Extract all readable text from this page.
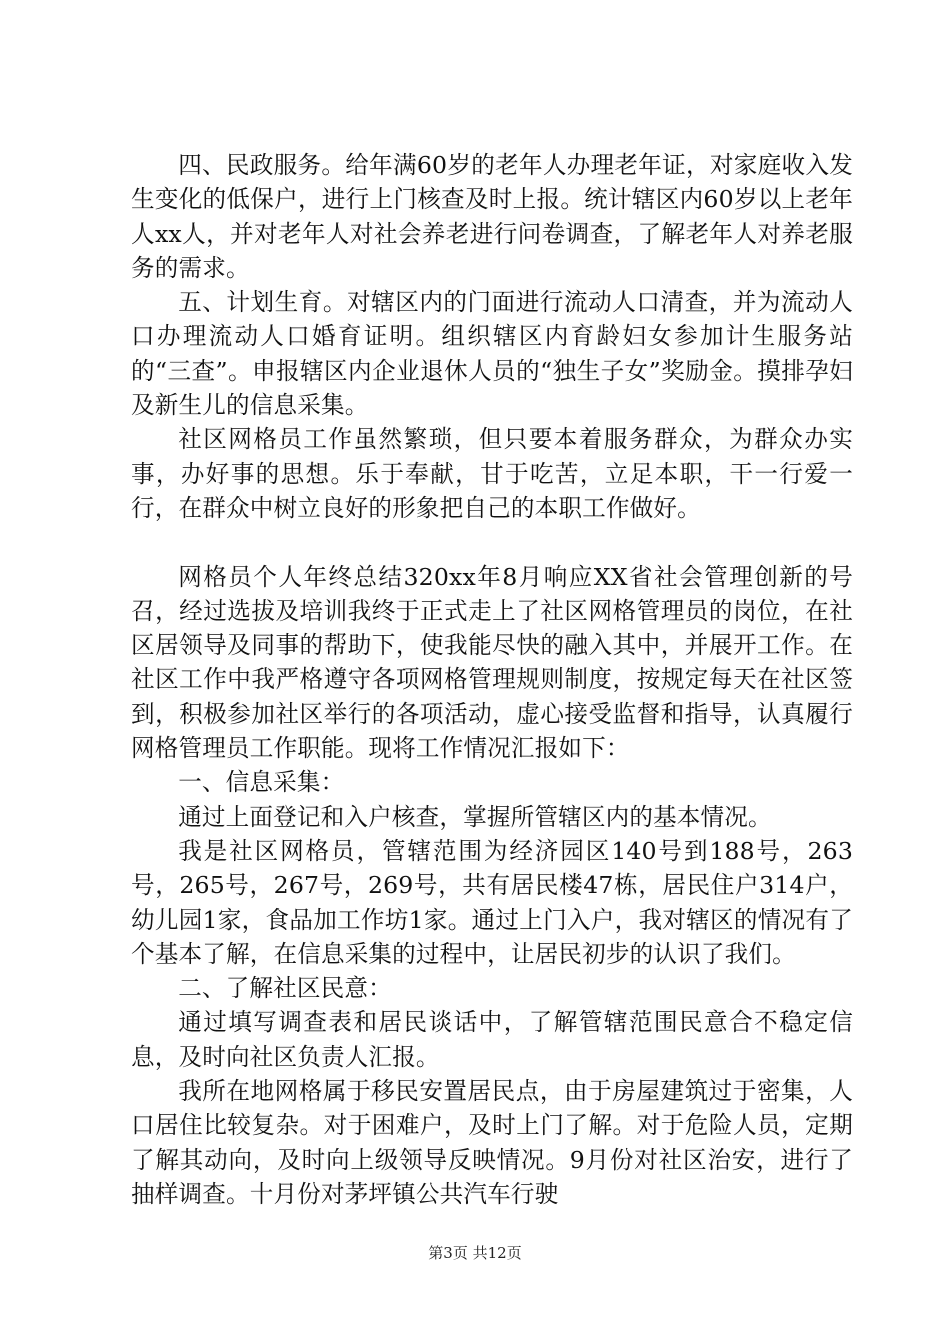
四、民政服务。给年满60岁的老年人办理老年证，对家庭收入发生变化的低保户，进行上门核查及时上报。统计辖区内60岁以上老年人xx人，并对老年人对社会养老进行问卷调查，了解老年人对养老服务的需求。

五、计划生育。对辖区内的门面进行流动人口清查，并为流动人口办理流动人口婚育证明。组织辖区内育龄妇女参加计生服务站的“三查”。申报辖区内企业退休人员的“独生子女”奖励金。摸排孕妇及新生儿的信息采集。

社区网格员工作虽然繁琐，但只要本着服务群众，为群众办实事，办好事的思想。乐于奉献，甘于吃苦，立足本职，干一行爱一行，在群众中树立良好的形象把自己的本职工作做好。

网格员个人年终总结320xx年8月响应XX省社会管理创新的号召，经过选拔及培训我终于正式走上了社区网格管理员的岗位，在社区居领导及同事的帮助下，使我能尽快的融入其中，并展开工作。在社区工作中我严格遵守各项网格管理规则制度，按规定每天在社区签到，积极参加社区举行的各项活动，虚心接受监督和指导，认真履行网格管理员工作职能。现将工作情况汇报如下：

一、信息采集：

通过上面登记和入户核查，掌握所管辖区内的基本情况。

我是社区网格员，管辖范围为经济园区140号到188号，263号，265号，267号，269号，共有居民楼47栋，居民住户314户，幼儿园1家，食品加工作坊1家。通过上门入户，我对辖区的情况有了个基本了解，在信息采集的过程中，让居民初步的认识了我们。

二、了解社区民意：

通过填写调查表和居民谈话中，了解管辖范围民意合不稳定信息，及时向社区负责人汇报。

我所在地网格属于移民安置居民点，由于房屋建筑过于密集，人口居住比较复杂。对于困难户，及时上门了解。对于危险人员，定期了解其动向，及时向上级领导反映情况。9月份对社区治安，进行了抽样调查。十月份对茅坪镇公共汽车行驶

第3页 共12页
